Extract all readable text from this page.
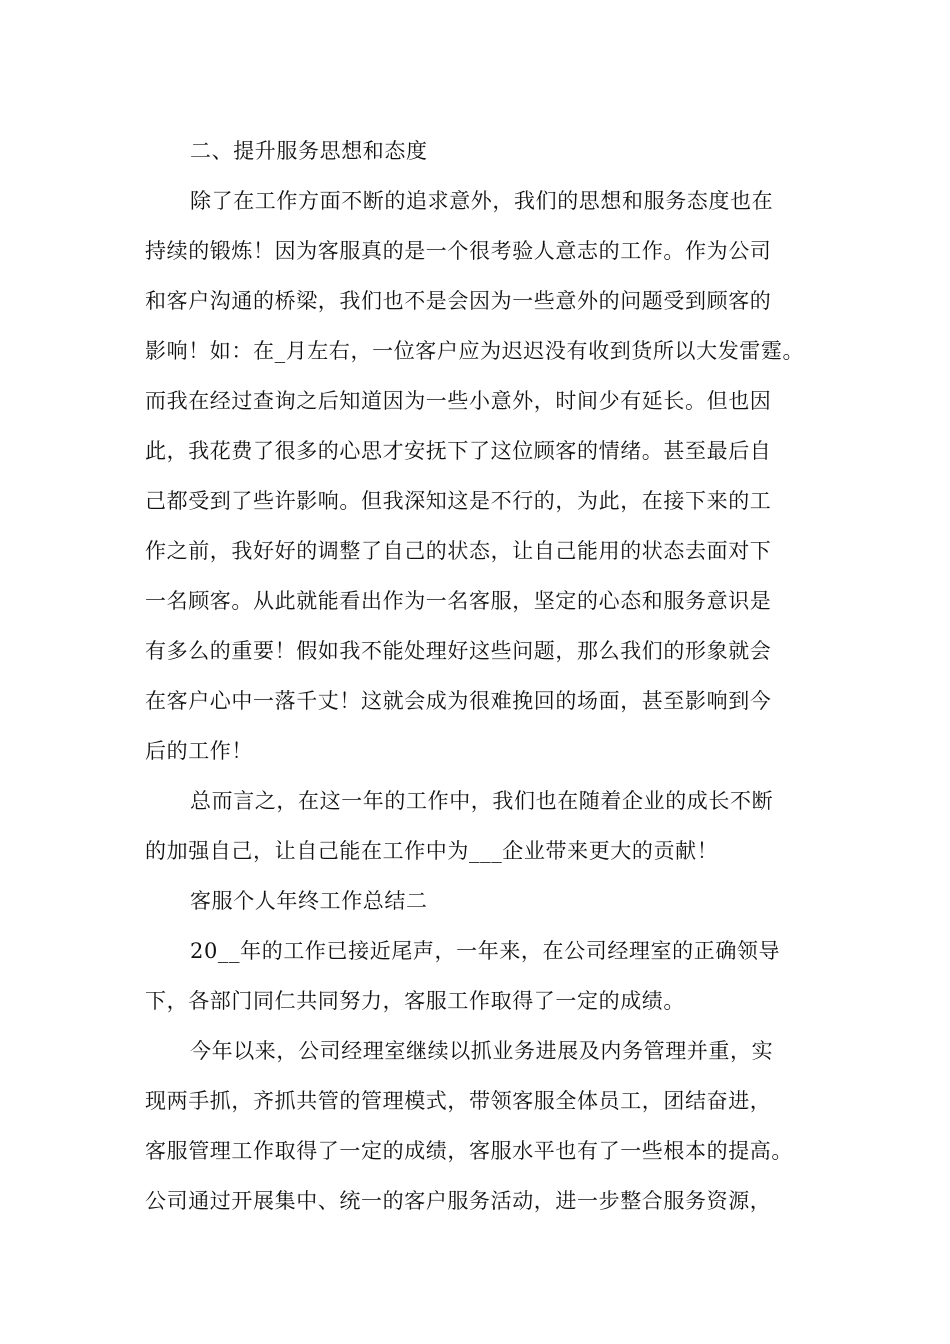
二、提升服务思想和态度

除了在工作方面不断的追求意外，我们的思想和服务态度也在

持续的锻炼！因为客服真的是一个很考验人意志的工作。作为公司

和客户沟通的桥梁，我们也不是会因为一些意外的问题受到顾客的

影响！如：在_月左右，一位客户应为迟迟没有收到货所以大发雷霆。

而我在经过查询之后知道因为一些小意外，时间少有延长。但也因

此，我花费了很多的心思才安抚下了这位顾客的情绪。甚至最后自

己都受到了些许影响。但我深知这是不行的，为此，在接下来的工

作之前，我好好的调整了自己的状态，让自己能用的状态去面对下

一名顾客。从此就能看出作为一名客服，坚定的心态和服务意识是

有多么的重要！假如我不能处理好这些问题，那么我们的形象就会

在客户心中一落千丈！这就会成为很难挽回的场面，甚至影响到今

后的工作！

总而言之，在这一年的工作中，我们也在随着企业的成长不断

的加强自己，让自己能在工作中为___企业带来更大的贡献！

客服个人年终工作总结二

20__年的工作已接近尾声，一年来，在公司经理室的正确领导

下，各部门同仁共同努力，客服工作取得了一定的成绩。

今年以来，公司经理室继续以抓业务进展及内务管理并重，实

现两手抓，齐抓共管的管理模式，带领客服全体员工，团结奋进，

客服管理工作取得了一定的成绩，客服水平也有了一些根本的提高。

公司通过开展集中、统一的客户服务活动，进一步整合服务资源，
